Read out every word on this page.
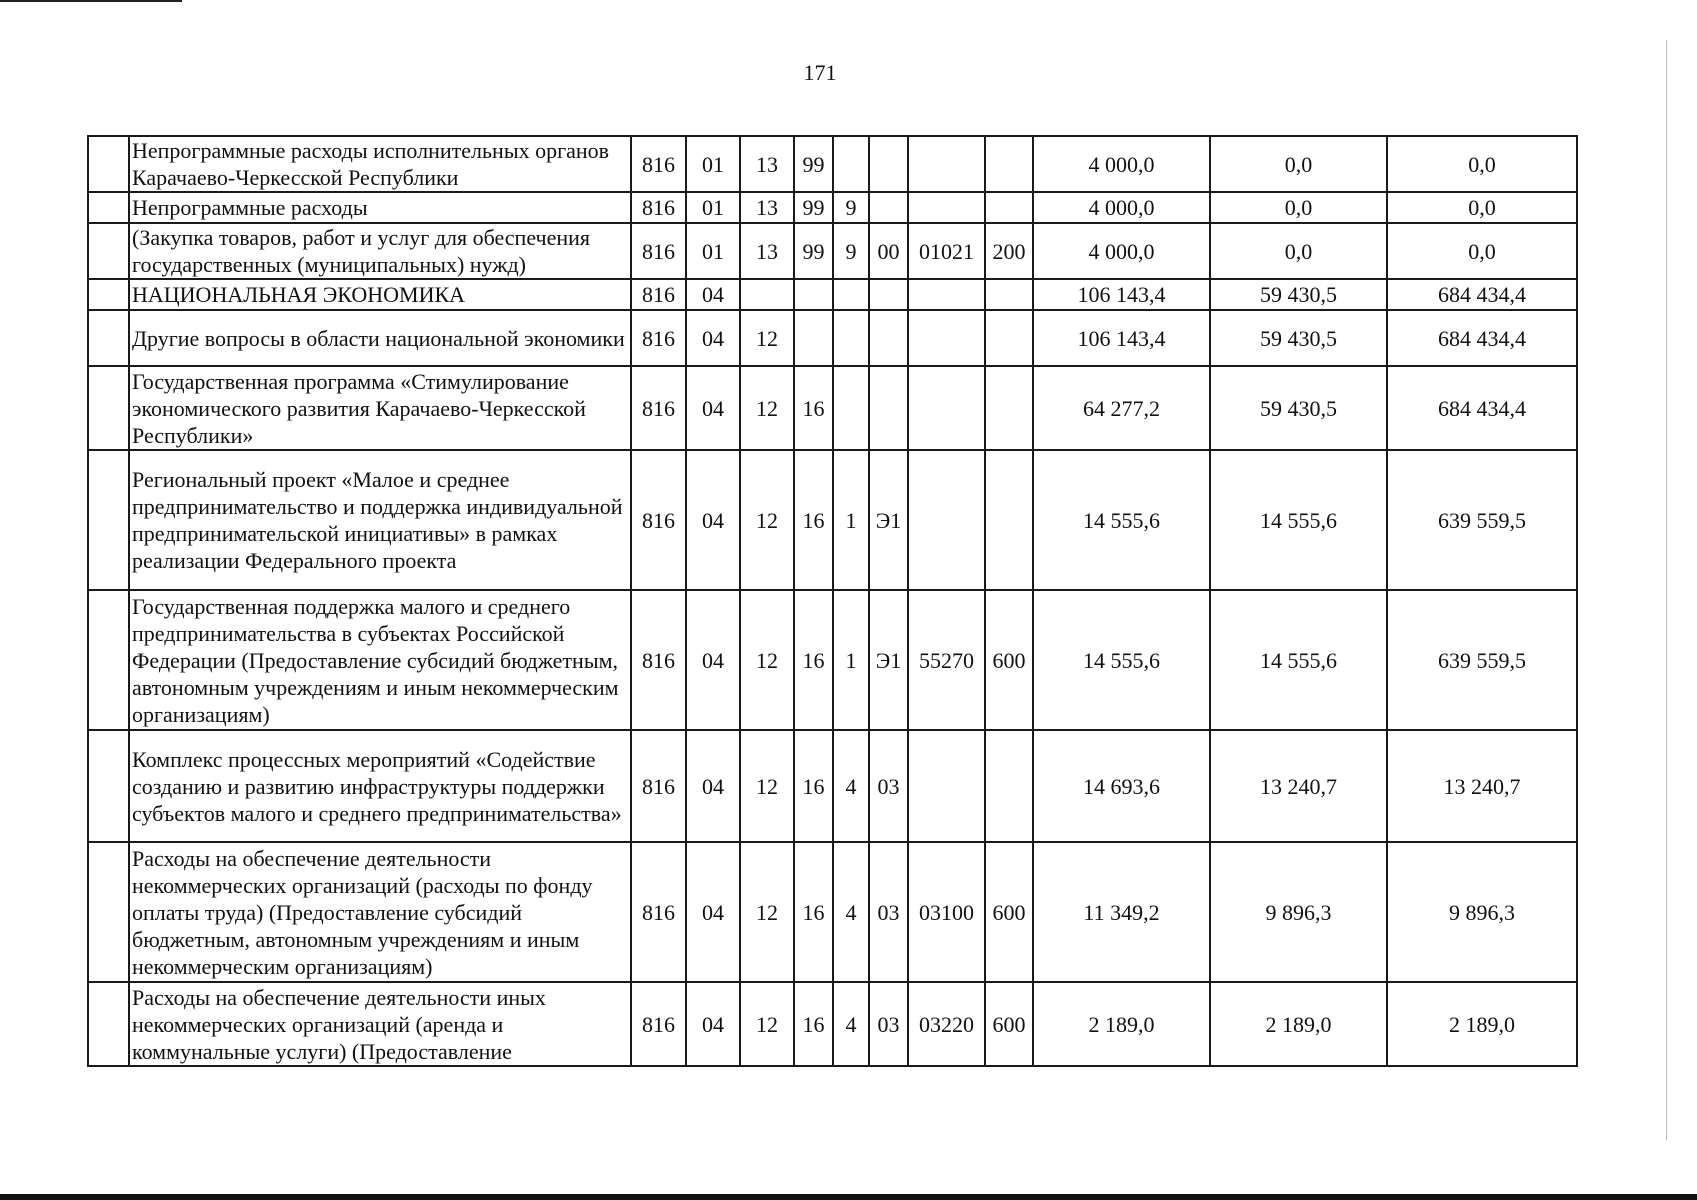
171
	Непрограммные расходы исполнительных органов Карачаево-Черкесской Республики	816	01	13	99					4 000,0	0,0	0,0
	Непрограммные расходы	816	01	13	99	9				4 000,0	0,0	0,0
	(Закупка товаров, работ и услуг для обеспечения государственных (муниципальных) нужд)	816	01	13	99	9	00	01021	200	4 000,0	0,0	0,0
	НАЦИОНАЛЬНАЯ ЭКОНОМИКА	816	04							106 143,4	59 430,5	684 434,4
	Другие вопросы в области национальной экономики	816	04	12						106 143,4	59 430,5	684 434,4
	Государственная программа «Стимулирование экономического развития Карачаево-Черкесской Республики»	816	04	12	16					64 277,2	59 430,5	684 434,4
	Региональный проект «Малое и среднее предпринимательство и поддержка индивидуальной предпринимательской инициативы» в рамках реализации Федерального проекта	816	04	12	16	1	Э1			14 555,6	14 555,6	639 559,5
	Государственная поддержка малого и среднего предпринимательства в субъектах Российской Федерации (Предоставление субсидий бюджетным, автономным учреждениям и иным некоммерческим организациям)	816	04	12	16	1	Э1	55270	600	14 555,6	14 555,6	639 559,5
	Комплекс процессных мероприятий «Содействие созданию и развитию инфраструктуры поддержки субъектов малого и среднего предпринимательства»	816	04	12	16	4	03			14 693,6	13 240,7	13 240,7
	Расходы на обеспечение деятельности некоммерческих организаций (расходы по фонду оплаты труда) (Предоставление субсидий бюджетным, автономным учреждениям и иным некоммерческим организациям)	816	04	12	16	4	03	03100	600	11 349,2	9 896,3	9 896,3
	Расходы на обеспечение деятельности иных некоммерческих организаций (аренда и коммунальные услуги) (Предоставление	816	04	12	16	4	03	03220	600	2 189,0	2 189,0	2 189,0
